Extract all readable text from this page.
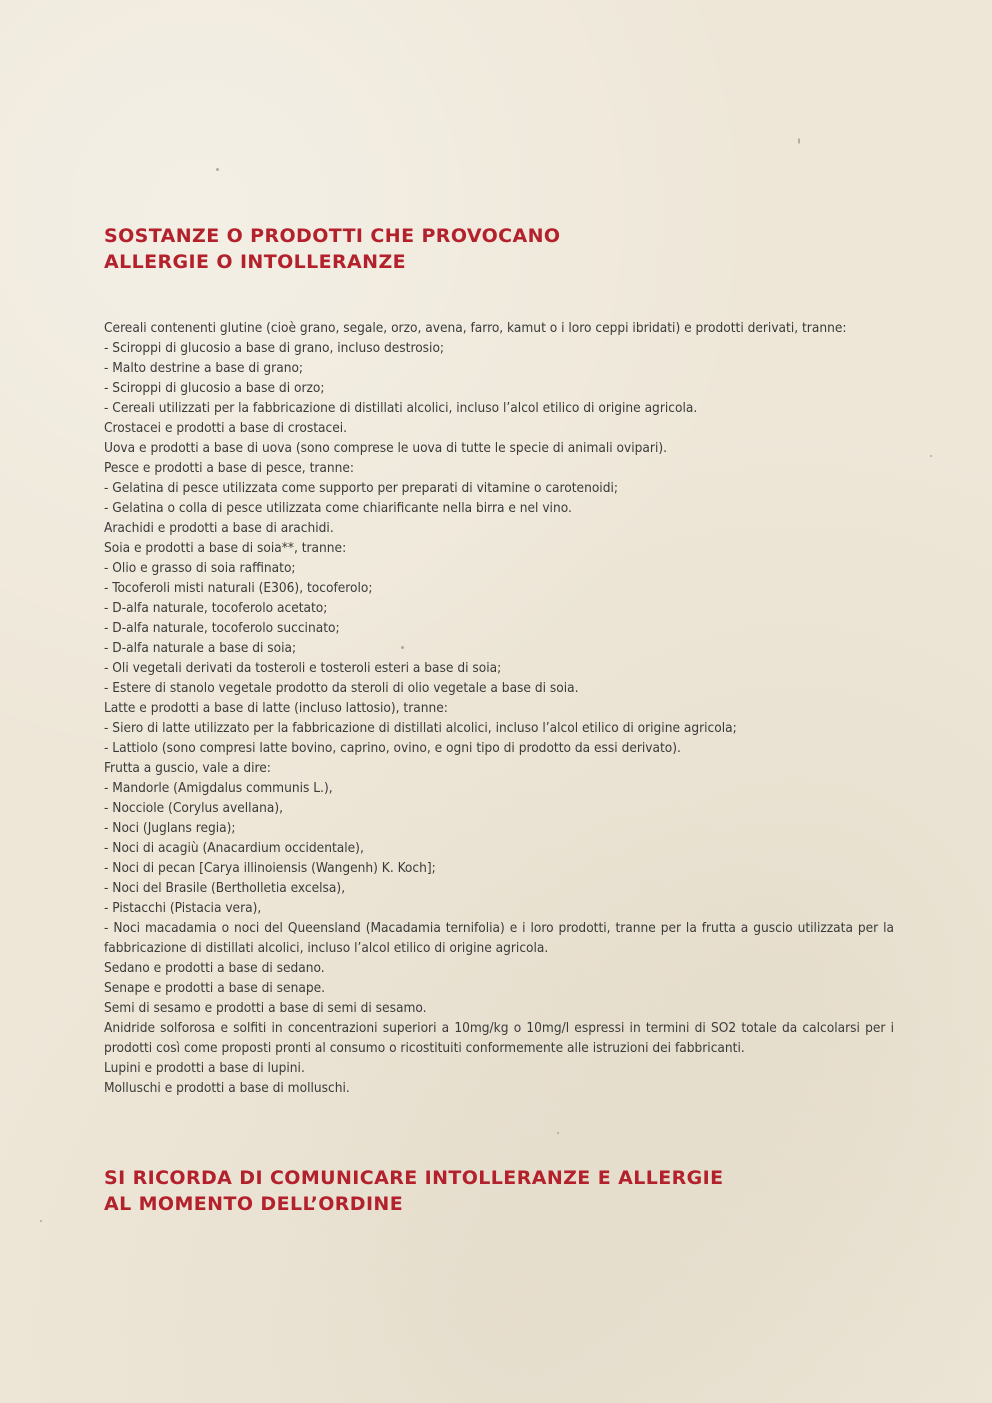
SOSTANZE O PRODOTTI CHE PROVOCANO
ALLERGIE O INTOLLERANZE
Cereali contenenti glutine (cioè grano, segale, orzo, avena, farro, kamut o i loro ceppi ibridati) e prodotti derivati, tranne:
- Sciroppi di glucosio a base di grano, incluso destrosio;
- Malto destrine a base di grano;
- Sciroppi di glucosio a base di orzo;
- Cereali utilizzati per la fabbricazione di distillati alcolici, incluso l’alcol etilico di origine agricola.
Crostacei e prodotti a base di crostacei.
Uova e prodotti a base di uova (sono comprese le uova di tutte le specie di animali ovipari).
Pesce e prodotti a base di pesce, tranne:
- Gelatina di pesce utilizzata come supporto per preparati di vitamine o carotenoidi;
- Gelatina o colla di pesce utilizzata come chiarificante nella birra e nel vino.
Arachidi e prodotti a base di arachidi.
Soia e prodotti a base di soia**, tranne:
- Olio e grasso di soia raffinato;
- Tocoferoli misti naturali (E306), tocoferolo;
- D-alfa naturale, tocoferolo acetato;
- D-alfa naturale, tocoferolo succinato;
- D-alfa naturale a base di soia;
- Oli vegetali derivati da tosteroli e tosteroli esteri a base di soia;
- Estere di stanolo vegetale prodotto da steroli di olio vegetale a base di soia.
Latte e prodotti a base di latte (incluso lattosio), tranne:
- Siero di latte utilizzato per la fabbricazione di distillati alcolici, incluso l’alcol etilico di origine agricola;
- Lattiolo (sono compresi latte bovino, caprino, ovino, e ogni tipo di prodotto da essi derivato).
Frutta a guscio, vale a dire:
- Mandorle (Amigdalus communis L.),
- Nocciole (Corylus avellana),
- Noci (Juglans regia);
- Noci di acagiù (Anacardium occidentale),
- Noci di pecan [Carya illinoiensis (Wangenh) K. Koch];
- Noci del Brasile (Bertholletia excelsa),
- Pistacchi (Pistacia vera),
- Noci macadamia o noci del Queensland (Macadamia ternifolia) e i loro prodotti, tranne per la frutta a guscio utilizzata per la fabbricazione di distillati alcolici, incluso l’alcol etilico di origine agricola.
Sedano e prodotti a base di sedano.
Senape e prodotti a base di senape.
Semi di sesamo e prodotti a base di semi di sesamo.
Anidride solforosa e solfiti in concentrazioni superiori a 10mg/kg o 10mg/l espressi in termini di SO2 totale da calcolarsi per i prodotti così come proposti pronti al consumo o ricostituiti conformemente alle istruzioni dei fabbricanti.
Lupini e prodotti a base di lupini.
Molluschi e prodotti a base di molluschi.
SI RICORDA DI COMUNICARE INTOLLERANZE E ALLERGIE
AL MOMENTO DELL’ORDINE
